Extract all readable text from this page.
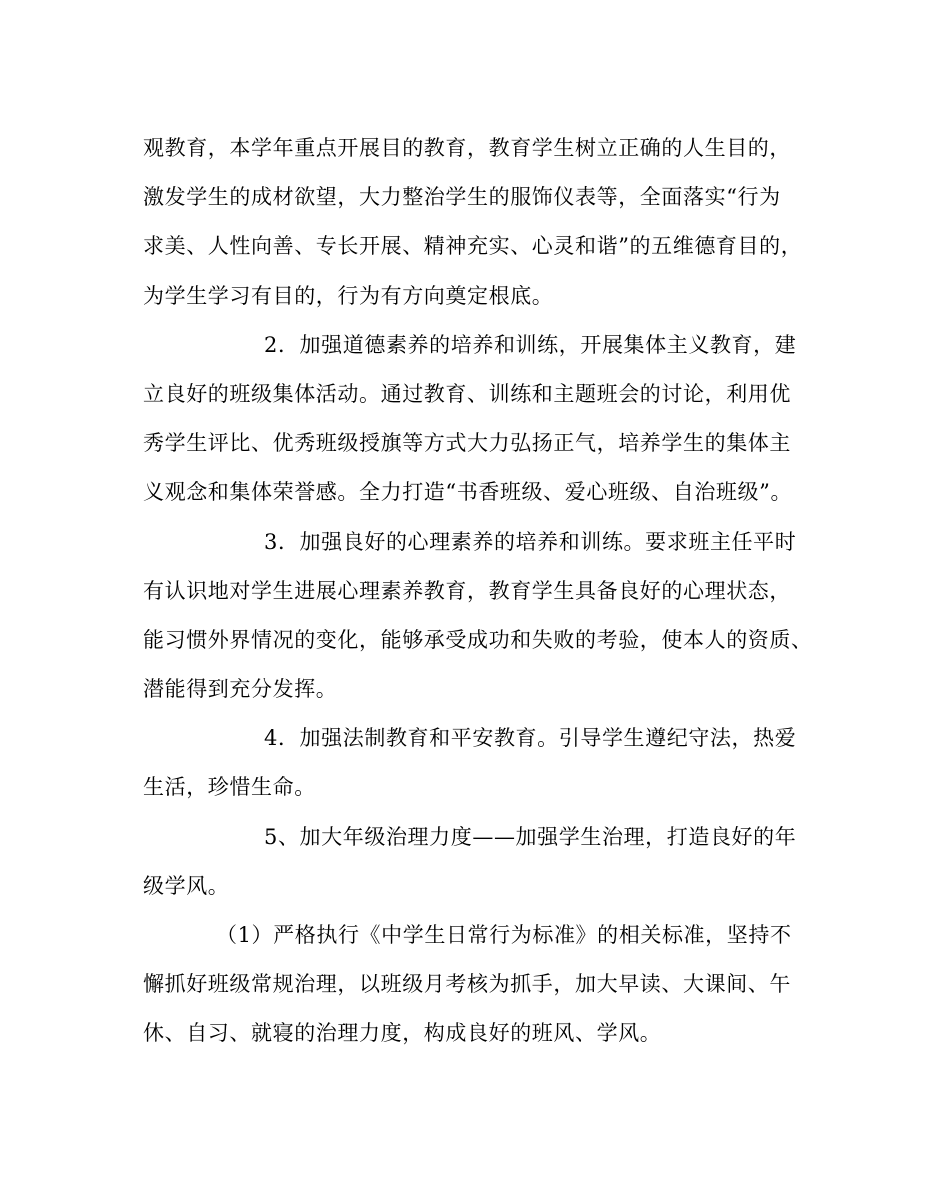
观教育，本学年重点开展目的教育，教育学生树立正确的人生目的，
激发学生的成材欲望，大力整治学生的服饰仪表等，全面落实“行为
求美、人性向善、专长开展、精神充实、心灵和谐”的五维德育目的，
为学生学习有目的，行为有方向奠定根底。
2．加强道德素养的培养和训练，开展集体主义教育，建
立良好的班级集体活动。通过教育、训练和主题班会的讨论，利用优
秀学生评比、优秀班级授旗等方式大力弘扬正气，培养学生的集体主
义观念和集体荣誉感。全力打造“书香班级、爱心班级、自治班级”。
3．加强良好的心理素养的培养和训练。要求班主任平时
有认识地对学生进展心理素养教育，教育学生具备良好的心理状态，
能习惯外界情况的变化，能够承受成功和失败的考验，使本人的资质、
潜能得到充分发挥。
4．加强法制教育和平安教育。引导学生遵纪守法，热爱
生活，珍惜生命。
5、加大年级治理力度——加强学生治理，打造良好的年
级学风。
（1）严格执行《中学生日常行为标准》的相关标准，坚持不
懈抓好班级常规治理，以班级月考核为抓手，加大早读、大课间、午
休、自习、就寝的治理力度，构成良好的班风、学风。
